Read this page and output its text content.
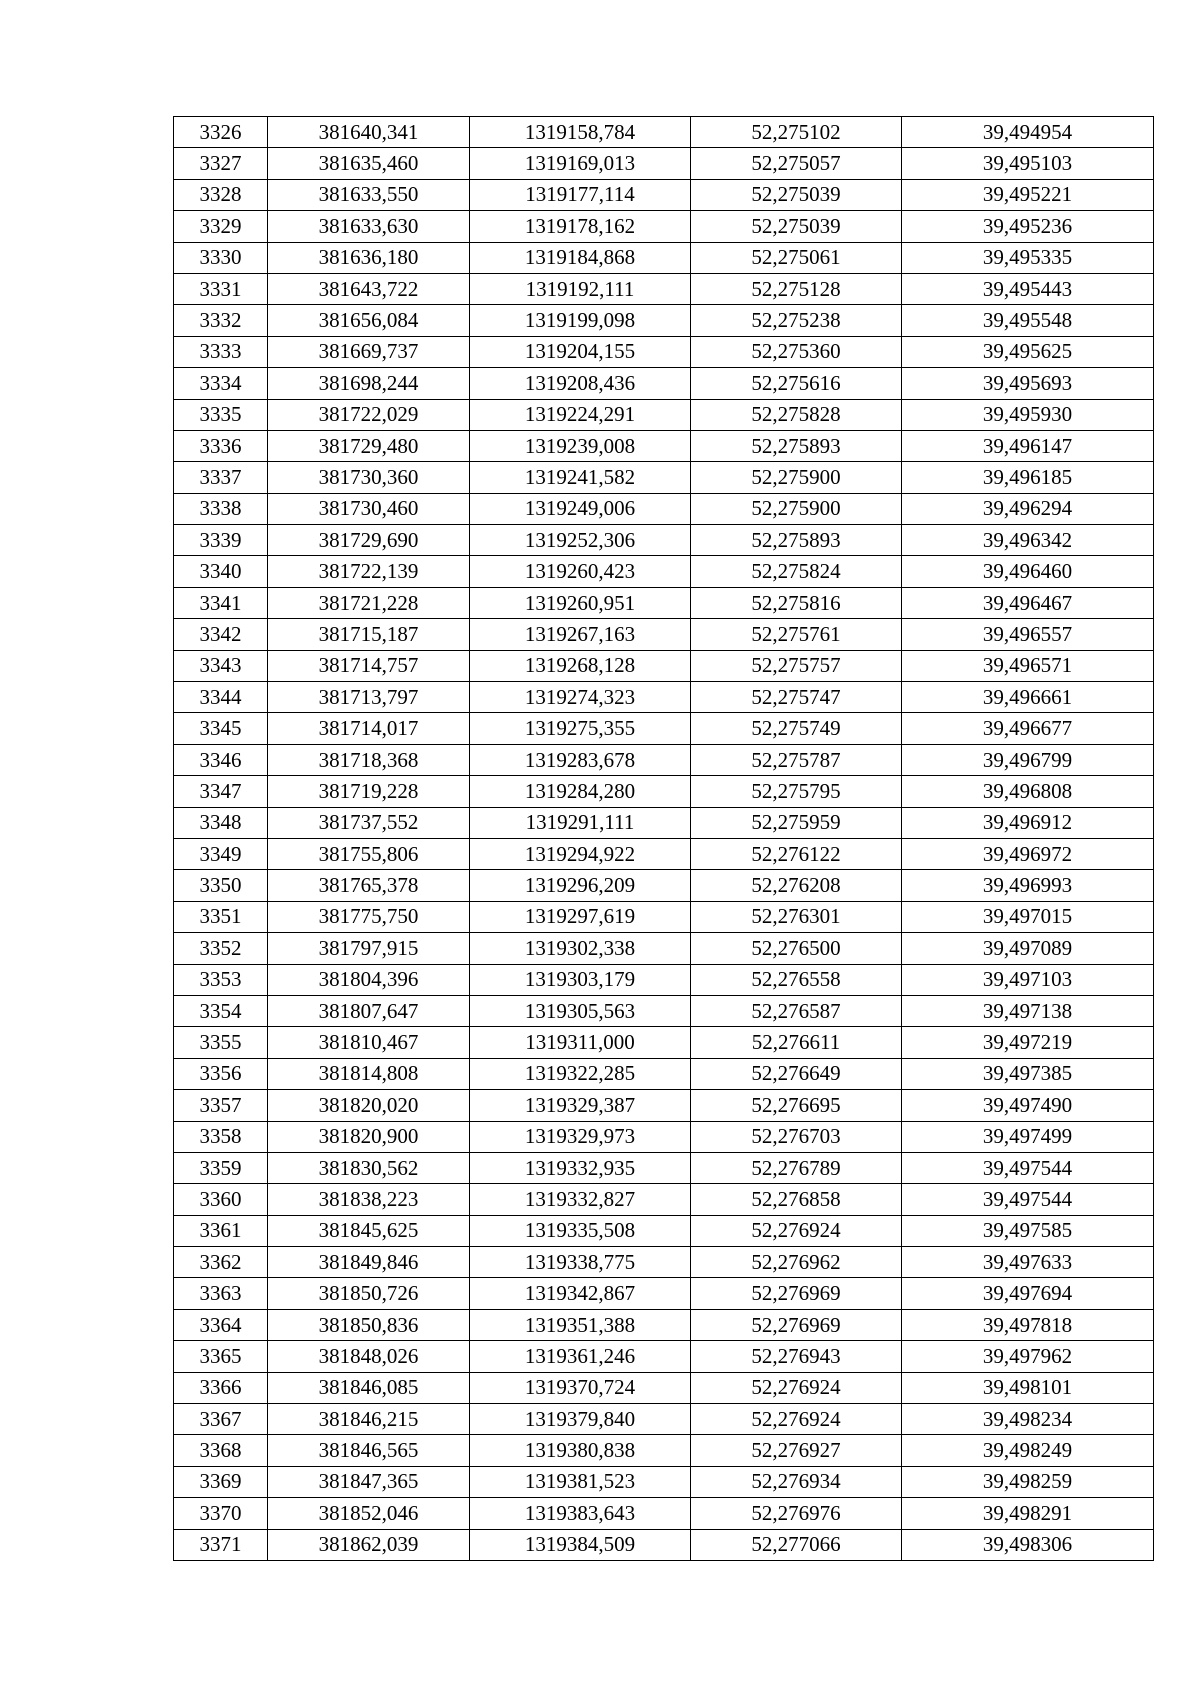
3326	381640,341	1319158,784	52,275102	39,494954
3327	381635,460	1319169,013	52,275057	39,495103
3328	381633,550	1319177,114	52,275039	39,495221
3329	381633,630	1319178,162	52,275039	39,495236
3330	381636,180	1319184,868	52,275061	39,495335
3331	381643,722	1319192,111	52,275128	39,495443
3332	381656,084	1319199,098	52,275238	39,495548
3333	381669,737	1319204,155	52,275360	39,495625
3334	381698,244	1319208,436	52,275616	39,495693
3335	381722,029	1319224,291	52,275828	39,495930
3336	381729,480	1319239,008	52,275893	39,496147
3337	381730,360	1319241,582	52,275900	39,496185
3338	381730,460	1319249,006	52,275900	39,496294
3339	381729,690	1319252,306	52,275893	39,496342
3340	381722,139	1319260,423	52,275824	39,496460
3341	381721,228	1319260,951	52,275816	39,496467
3342	381715,187	1319267,163	52,275761	39,496557
3343	381714,757	1319268,128	52,275757	39,496571
3344	381713,797	1319274,323	52,275747	39,496661
3345	381714,017	1319275,355	52,275749	39,496677
3346	381718,368	1319283,678	52,275787	39,496799
3347	381719,228	1319284,280	52,275795	39,496808
3348	381737,552	1319291,111	52,275959	39,496912
3349	381755,806	1319294,922	52,276122	39,496972
3350	381765,378	1319296,209	52,276208	39,496993
3351	381775,750	1319297,619	52,276301	39,497015
3352	381797,915	1319302,338	52,276500	39,497089
3353	381804,396	1319303,179	52,276558	39,497103
3354	381807,647	1319305,563	52,276587	39,497138
3355	381810,467	1319311,000	52,276611	39,497219
3356	381814,808	1319322,285	52,276649	39,497385
3357	381820,020	1319329,387	52,276695	39,497490
3358	381820,900	1319329,973	52,276703	39,497499
3359	381830,562	1319332,935	52,276789	39,497544
3360	381838,223	1319332,827	52,276858	39,497544
3361	381845,625	1319335,508	52,276924	39,497585
3362	381849,846	1319338,775	52,276962	39,497633
3363	381850,726	1319342,867	52,276969	39,497694
3364	381850,836	1319351,388	52,276969	39,497818
3365	381848,026	1319361,246	52,276943	39,497962
3366	381846,085	1319370,724	52,276924	39,498101
3367	381846,215	1319379,840	52,276924	39,498234
3368	381846,565	1319380,838	52,276927	39,498249
3369	381847,365	1319381,523	52,276934	39,498259
3370	381852,046	1319383,643	52,276976	39,498291
3371	381862,039	1319384,509	52,277066	39,498306
